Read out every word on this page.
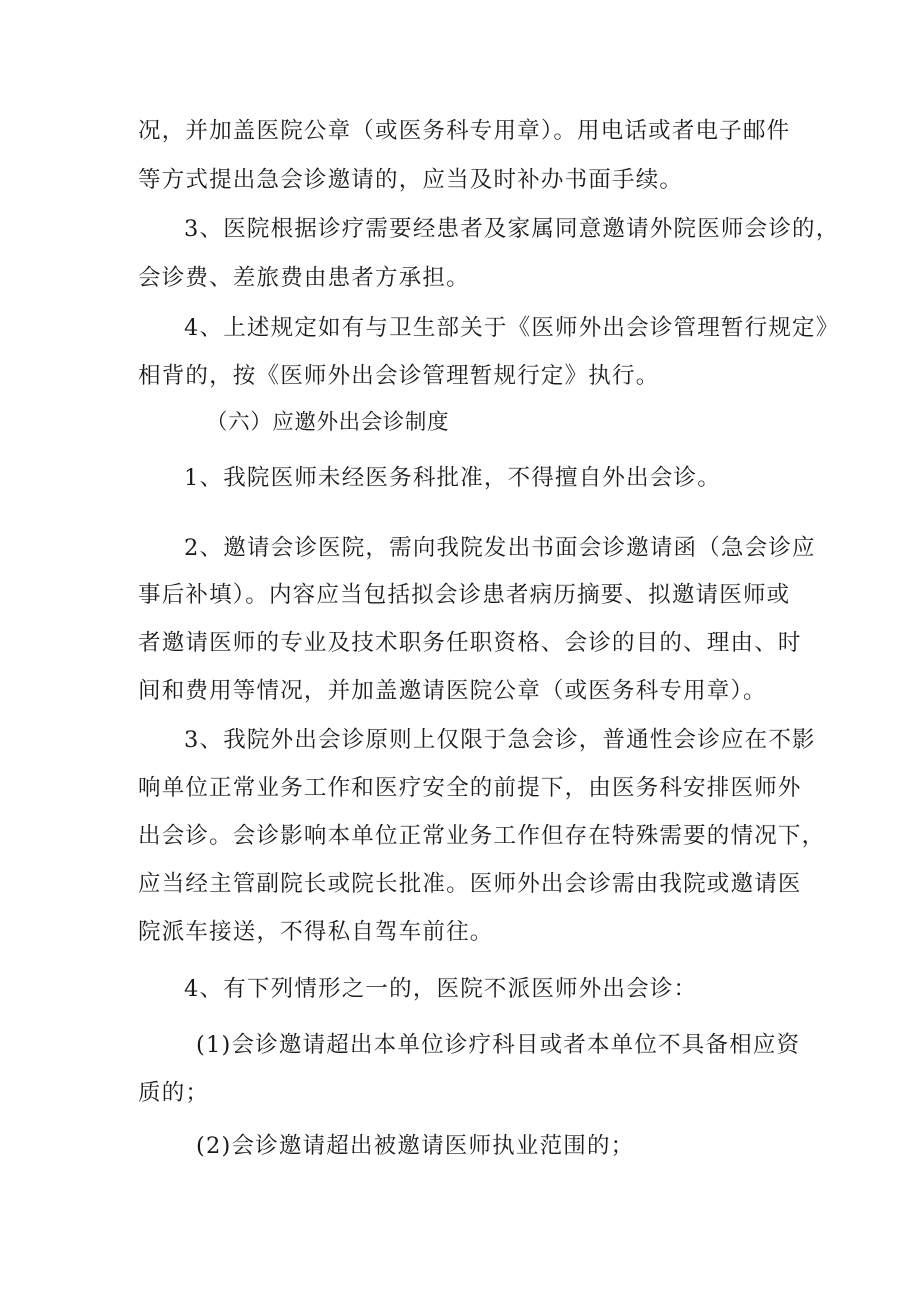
况，并加盖医院公章（或医务科专用章）。用电话或者电子邮件
等方式提出急会诊邀请的，应当及时补办书面手续。
3、医院根据诊疗需要经患者及家属同意邀请外院医师会诊的，
会诊费、差旅费由患者方承担。
4、上述规定如有与卫生部关于《医师外出会诊管理暂行规定》
相背的，按《医师外出会诊管理暂规行定》执行。
（六）应邀外出会诊制度
1、我院医师未经医务科批准，不得擅自外出会诊。
2、邀请会诊医院，需向我院发出书面会诊邀请函（急会诊应
事后补填）。内容应当包括拟会诊患者病历摘要、拟邀请医师或
者邀请医师的专业及技术职务任职资格、会诊的目的、理由、时
间和费用等情况，并加盖邀请医院公章（或医务科专用章）。
3、我院外出会诊原则上仅限于急会诊，普通性会诊应在不影
响单位正常业务工作和医疗安全的前提下，由医务科安排医师外
出会诊。会诊影响本单位正常业务工作但存在特殊需要的情况下，
应当经主管副院长或院长批准。医师外出会诊需由我院或邀请医
院派车接送，不得私自驾车前往。
4、有下列情形之一的，医院不派医师外出会诊：
(1)会诊邀请超出本单位诊疗科目或者本单位不具备相应资
质的；
(2)会诊邀请超出被邀请医师执业范围的；
